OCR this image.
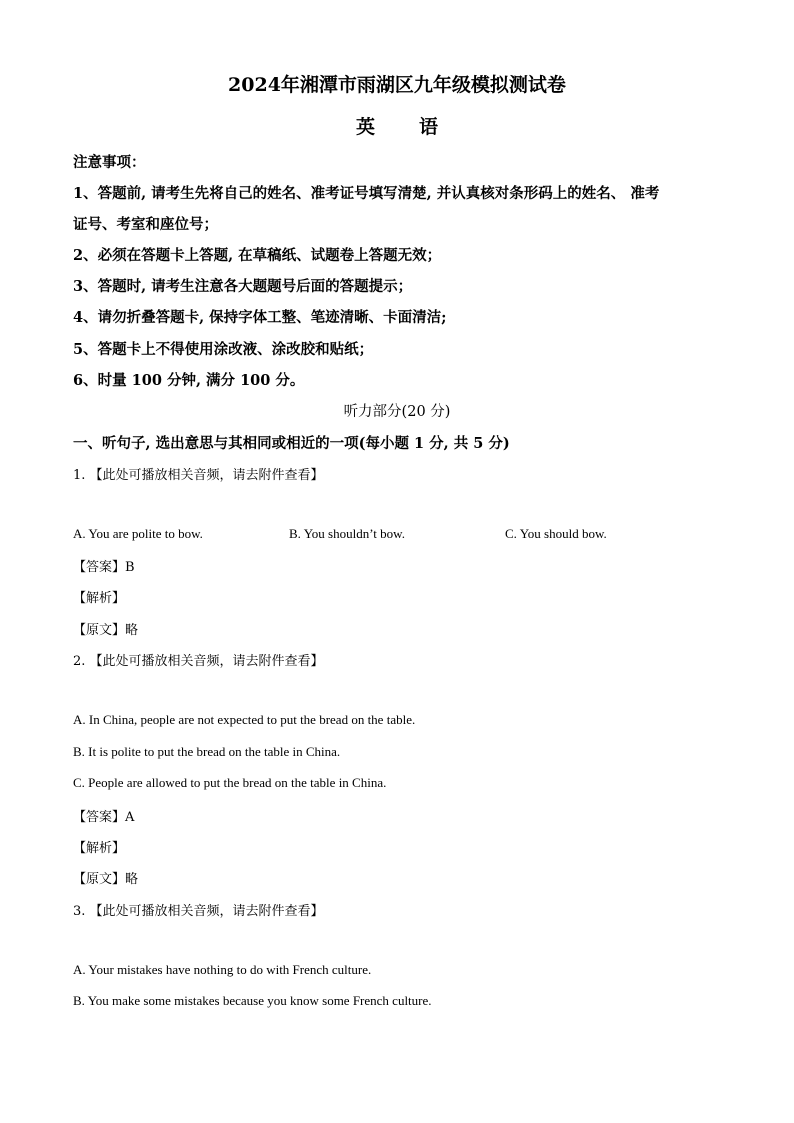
2024年湘潭市雨湖区九年级模拟测试卷
英 语
注意事项：
1、答题前, 请考生先将自己的姓名、准考证号填写清楚, 并认真核对条形码上的姓名、 准考
证号、考室和座位号；
2、必须在答题卡上答题, 在草稿纸、试题卷上答题无效；
3、答题时, 请考生注意各大题题号后面的答题提示；
4、请勿折叠答题卡, 保持字体工整、笔迹清晰、卡面清洁;
5、答题卡上不得使用涂改液、涂改胶和贴纸；
6、时量 100 分钟, 满分 100 分。
听力部分(20 分)
一、听句子, 选出意思与其相同或相近的一项(每小题 1 分, 共 5 分)
1. 【此处可播放相关音频，请去附件查看】
A. You are polite to bow.	B. You shouldn’t bow.	C. You should bow.
【答案】B
【解析】
【原文】略
2. 【此处可播放相关音频，请去附件查看】
A. In China, people are not expected to put the bread on the table.
B. It is polite to put the bread on the table in China.
C. People are allowed to put the bread on the table in China.
【答案】A
【解析】
【原文】略
3. 【此处可播放相关音频，请去附件查看】
A. Your mistakes have nothing to do with French culture.
B. You make some mistakes because you know some French culture.
